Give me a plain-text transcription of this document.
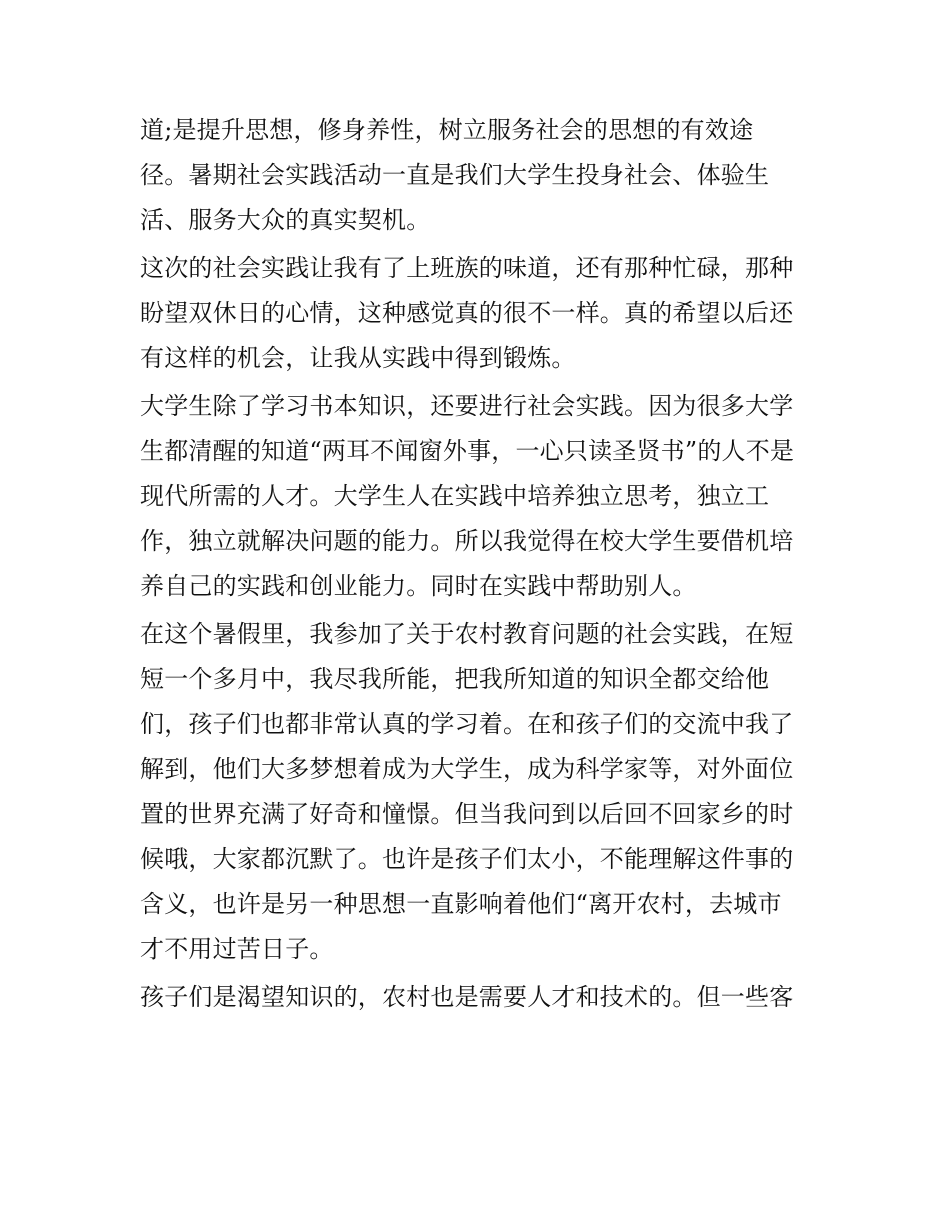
道;是提升思想，修身养性，树立服务社会的思想的有效途
径。暑期社会实践活动一直是我们大学生投身社会、体验生
活、服务大众的真实契机。
这次的社会实践让我有了上班族的味道，还有那种忙碌，那种
盼望双休日的心情，这种感觉真的很不一样。真的希望以后还
有这样的机会，让我从实践中得到锻炼。
大学生除了学习书本知识，还要进行社会实践。因为很多大学
生都清醒的知道“两耳不闻窗外事，一心只读圣贤书”的人不是
现代所需的人才。大学生人在实践中培养独立思考，独立工
作，独立就解决问题的能力。所以我觉得在校大学生要借机培
养自己的实践和创业能力。同时在实践中帮助别人。
在这个暑假里，我参加了关于农村教育问题的社会实践，在短
短一个多月中，我尽我所能，把我所知道的知识全都交给他
们，孩子们也都非常认真的学习着。在和孩子们的交流中我了
解到，他们大多梦想着成为大学生，成为科学家等，对外面位
置的世界充满了好奇和憧憬。但当我问到以后回不回家乡的时
候哦，大家都沉默了。也许是孩子们太小，不能理解这件事的
含义，也许是另一种思想一直影响着他们“离开农村，去城市
才不用过苦日子。
孩子们是渴望知识的，农村也是需要人才和技术的。但一些客
